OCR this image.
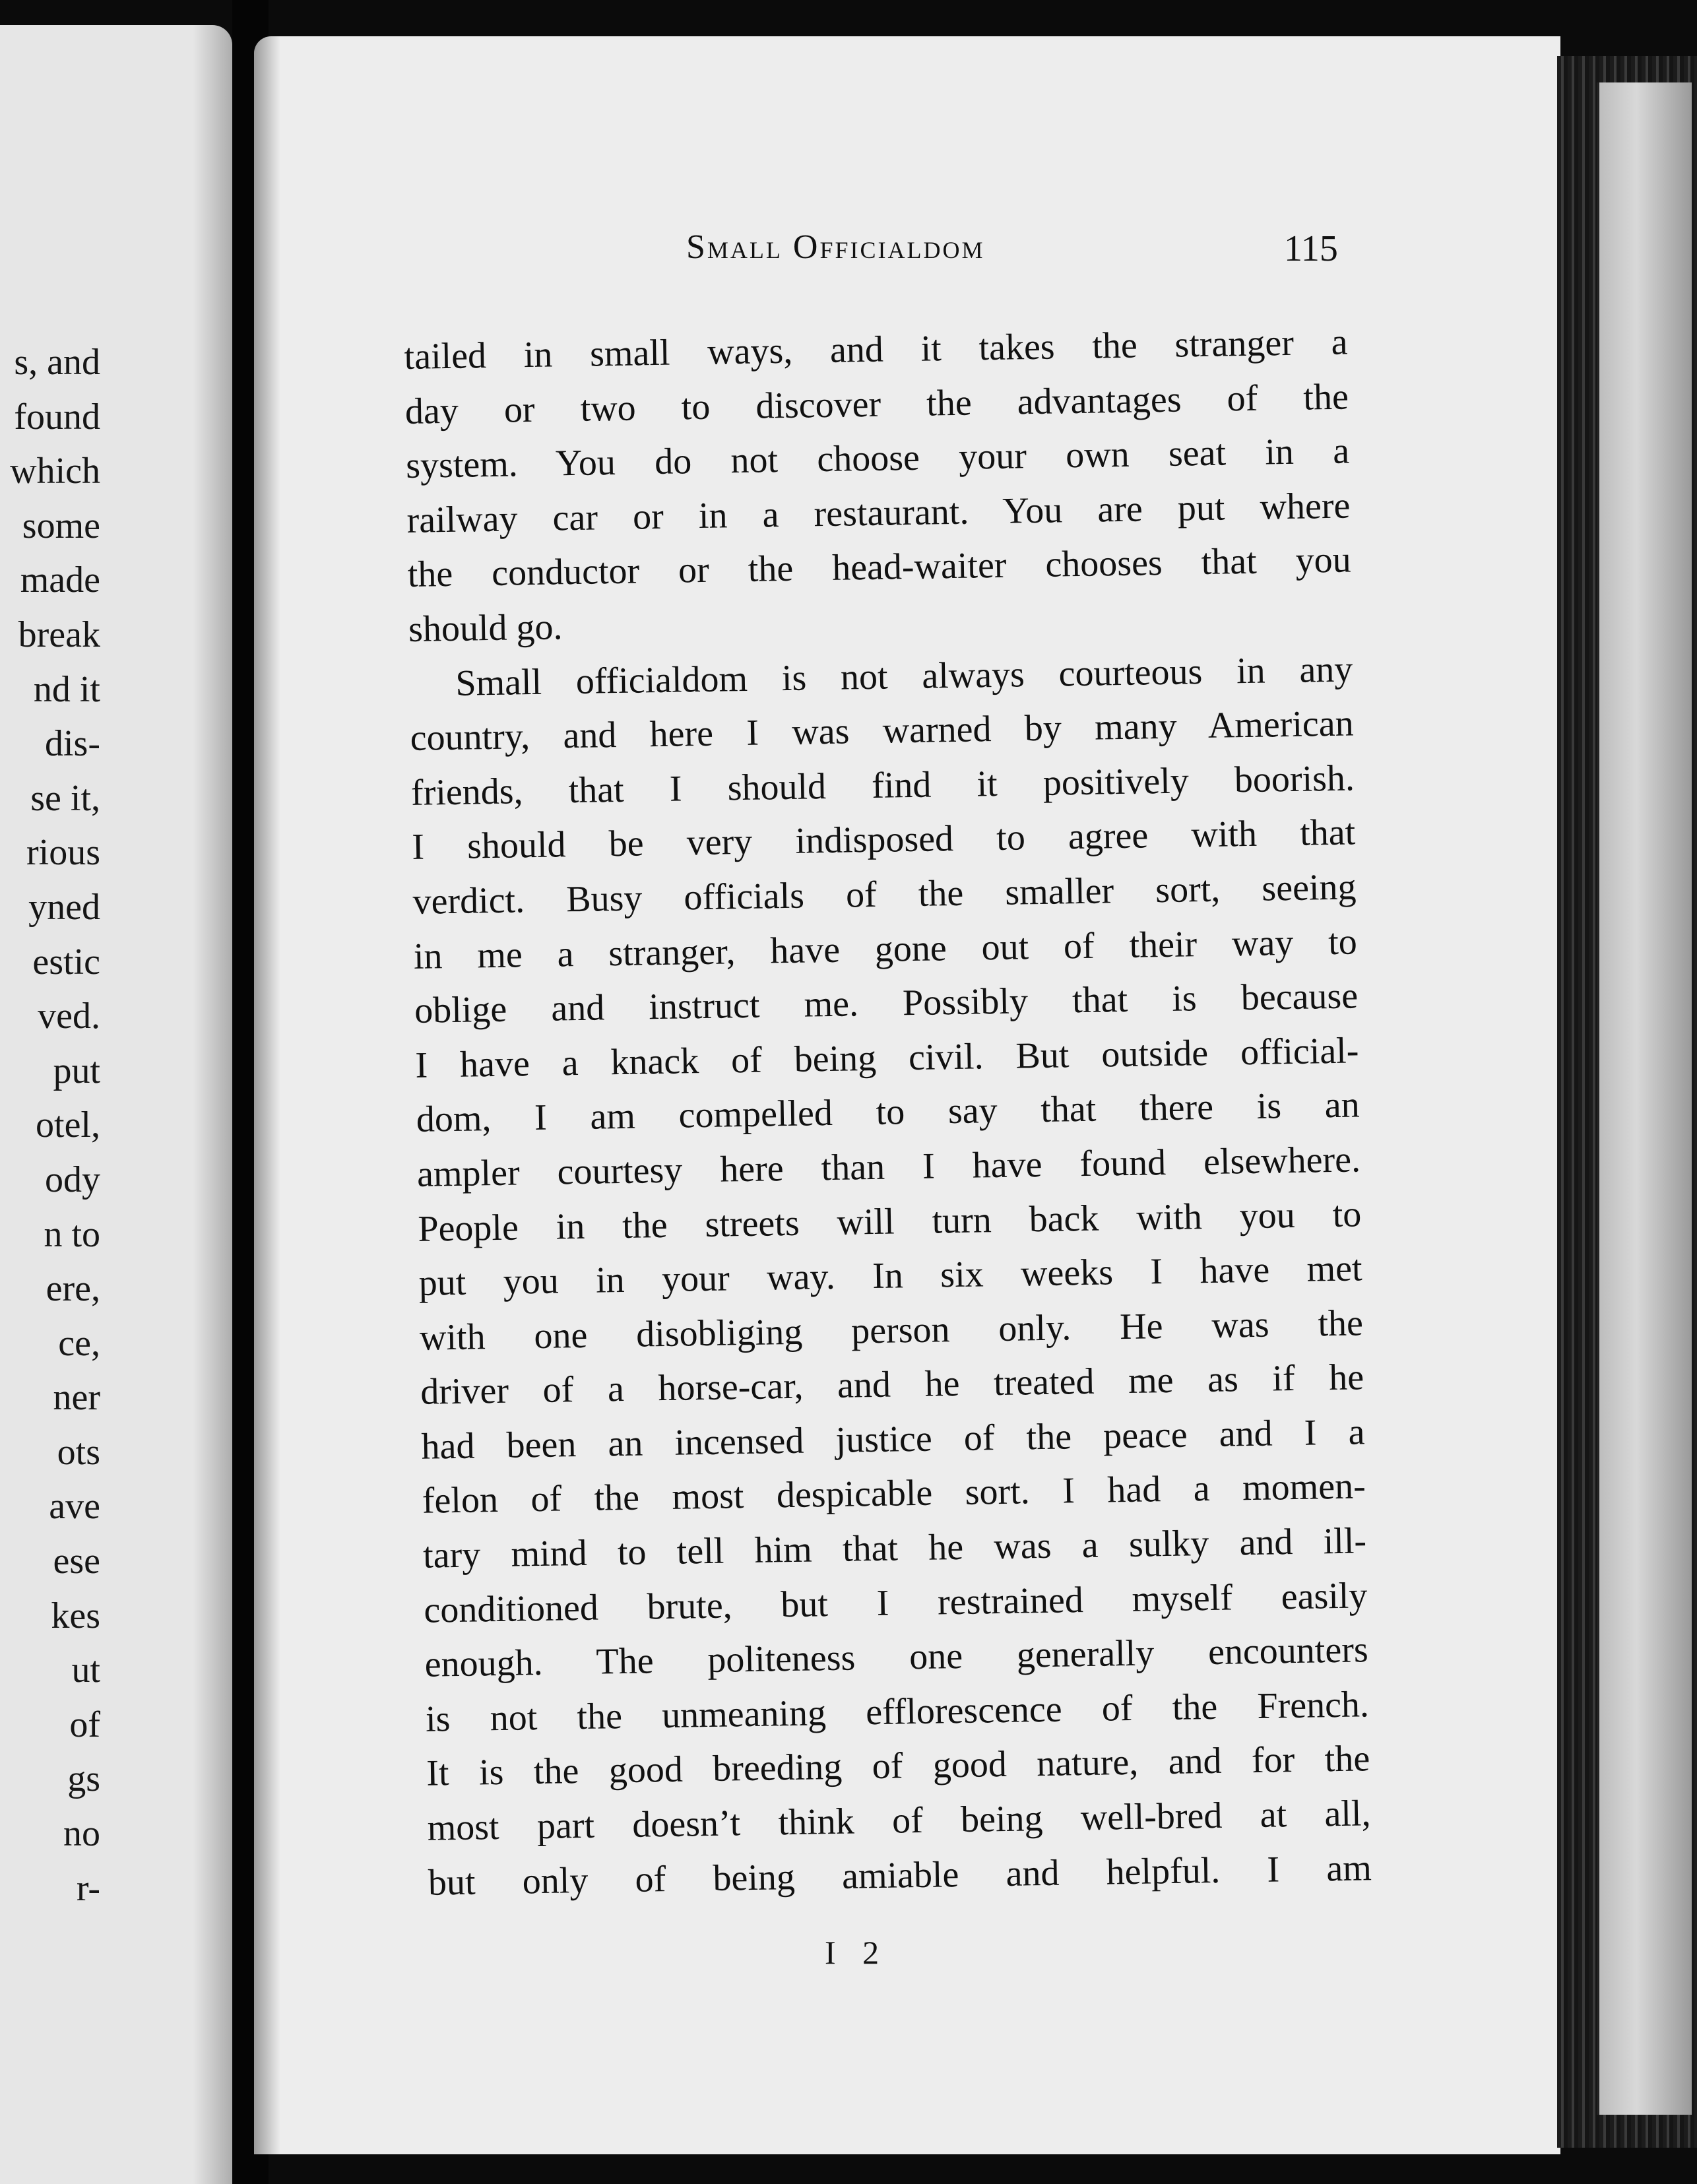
s, and
found
which
some
made
break
nd it
dis-
se it,
rious
yned
estic
ved.
put
otel,
ody
n to
ere,
ce,
ner
ots
ave
ese
kes
ut
of
gs
no
r-
Small Officialdom	115
tailed in small ways, and it takes the stranger a
day or two to discover the advantages of the
system. You do not choose your own seat in a
railway car or in a restaurant. You are put where
the conductor or the head-waiter chooses that you
should go.
Small officialdom is not always courteous in any
country, and here I was warned by many American
friends, that I should find it positively boorish.
I should be very indisposed to agree with that
verdict. Busy officials of the smaller sort, seeing
in me a stranger, have gone out of their way to
oblige and instruct me. Possibly that is because
I have a knack of being civil. But outside official-
dom, I am compelled to say that there is an
ampler courtesy here than I have found elsewhere.
People in the streets will turn back with you to
put you in your way. In six weeks I have met
with one disobliging person only. He was the
driver of a horse-car, and he treated me as if he
had been an incensed justice of the peace and I a
felon of the most despicable sort. I had a momen-
tary mind to tell him that he was a sulky and ill-
conditioned brute, but I restrained myself easily
enough. The politeness one generally encounters
is not the unmeaning efflorescence of the French.
It is the good breeding of good nature, and for the
most part doesn’t think of being well-bred at all,
but only of being amiable and helpful. I am
I 2
